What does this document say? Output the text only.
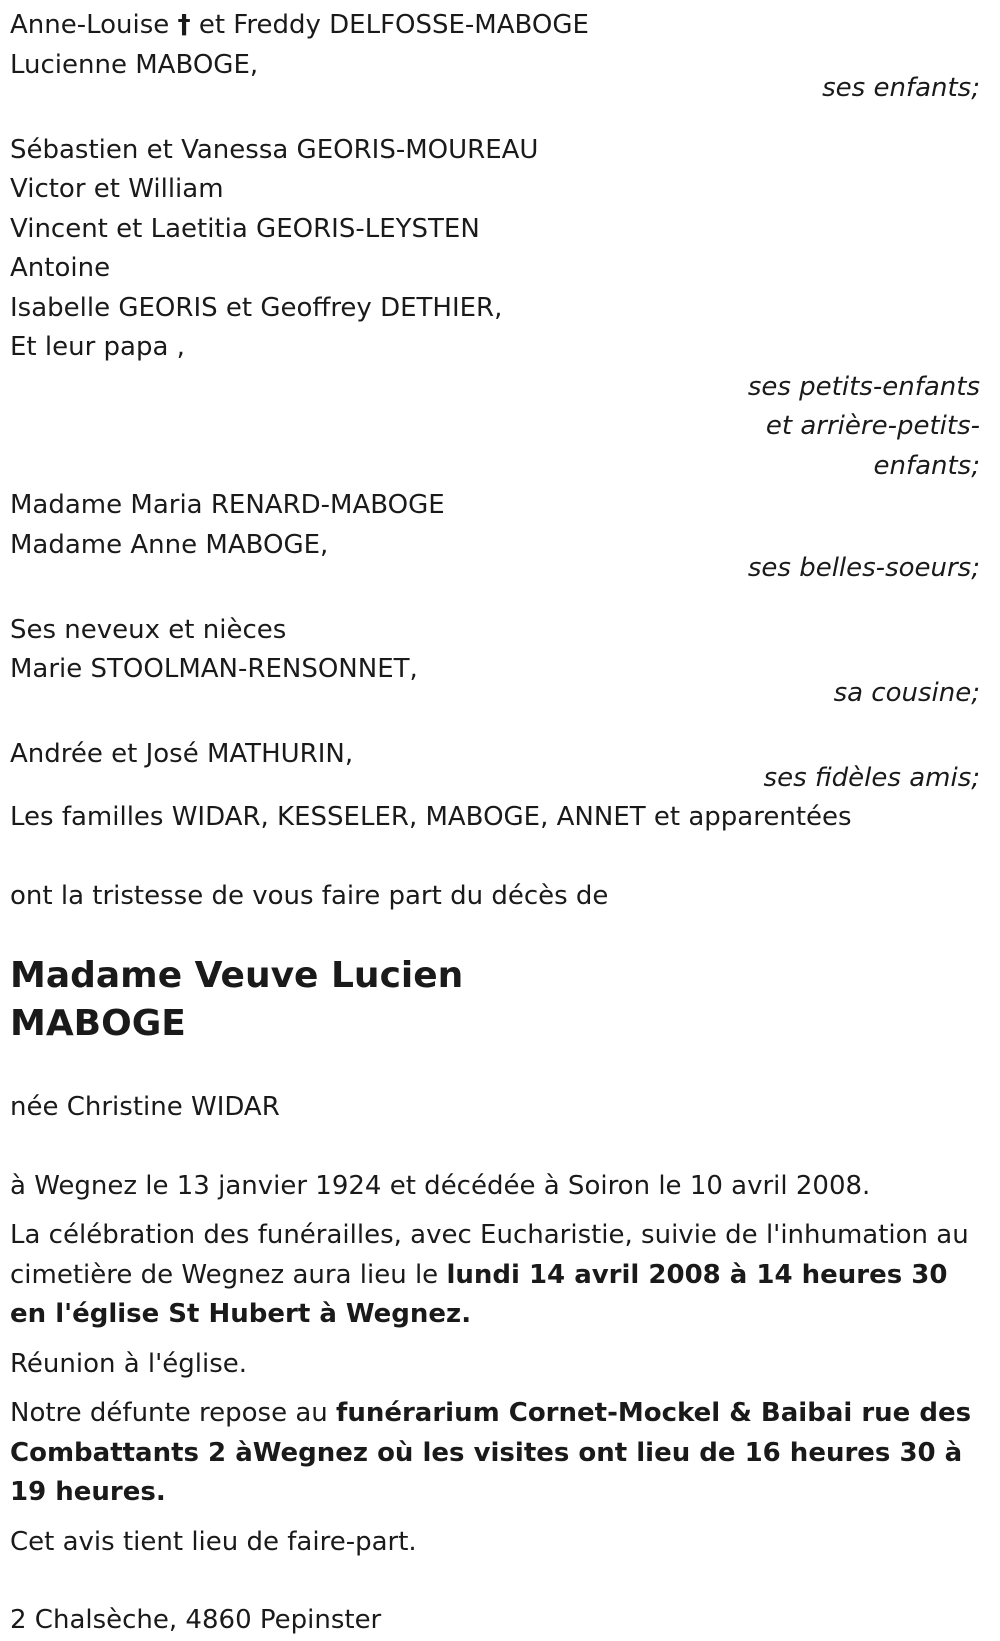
Anne-Louise † et Freddy DELFOSSE-MABOGE
Lucienne MABOGE,
ses enfants;
Sébastien et Vanessa GEORIS-MOUREAU
Victor et William
Vincent et Laetitia GEORIS-LEYSTEN
Antoine
Isabelle GEORIS et Geoffrey DETHIER,
Et leur papa ,
ses petits-enfants
et arrière-petits-
enfants;
Madame Maria RENARD-MABOGE
Madame Anne MABOGE,
ses belles-soeurs;
Ses neveux et nièces
Marie STOOLMAN-RENSONNET,
sa cousine;
Andrée et José MATHURIN,
ses fidèles amis;
Les familles WIDAR, KESSELER, MABOGE, ANNET et apparentées
ont la tristesse de vous faire part du décès de
Madame Veuve Lucien
MABOGE
née Christine WIDAR
à Wegnez le 13 janvier 1924 et décédée à Soiron le 10 avril 2008.

La célébration des funérailles, avec Eucharistie, suivie de l'inhumation au cimetière de Wegnez aura lieu le lundi 14 avril 2008 à 14 heures 30 en l'église St Hubert à Wegnez.

Réunion à l'église.

Notre défunte repose au funérarium Cornet-Mockel & Baibai rue des Combattants 2 àWegnez où les visites ont lieu de 16 heures 30 à 19 heures.

Cet avis tient lieu de faire-part.

2 Chalsèche, 4860 Pepinster
